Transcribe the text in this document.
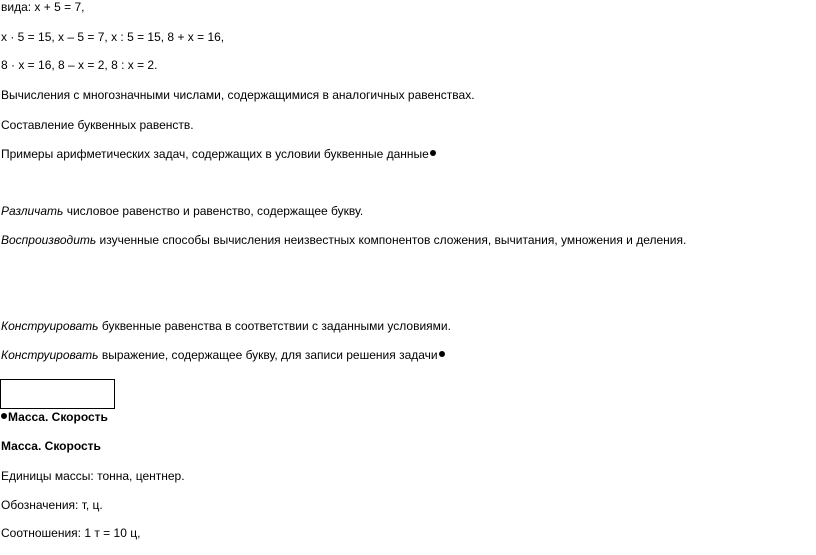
вида: x + 5 = 7,
x · 5 = 15, x – 5 = 7, x : 5 = 15, 8 + x = 16,
8 · x = 16, 8 – x = 2, 8 : x = 2.
Вычисления с многозначными числами, содержащимися в аналогичных равенствах.
Составление буквенных равенств.
Примеры арифметических задач, содержащих в условии буквенные данные
Различать числовое равенство и равенство, содержащее букву.
Воспроизводить изученные способы вычисления неизвестных компонентов сложения, вычитания, умножения и деления.
Конструировать буквенные равенства в соответствии с заданными условиями.
Конструировать выражение, содержащее букву, для записи решения задачи
Масса. Скорость
Масса. Скорость
Единицы массы: тонна, центнер.
Обозначения: т, ц.
Соотношения: 1 т = 10 ц,
